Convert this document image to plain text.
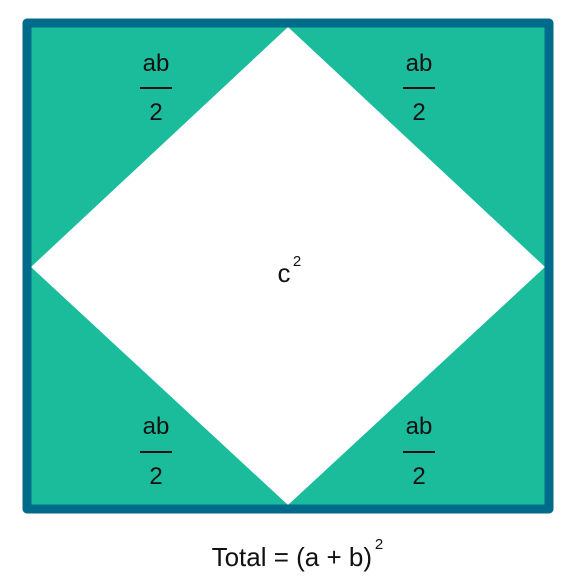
ab
2
ab
2
ab
2
ab
2
c 2
Total = (a + b) 2
